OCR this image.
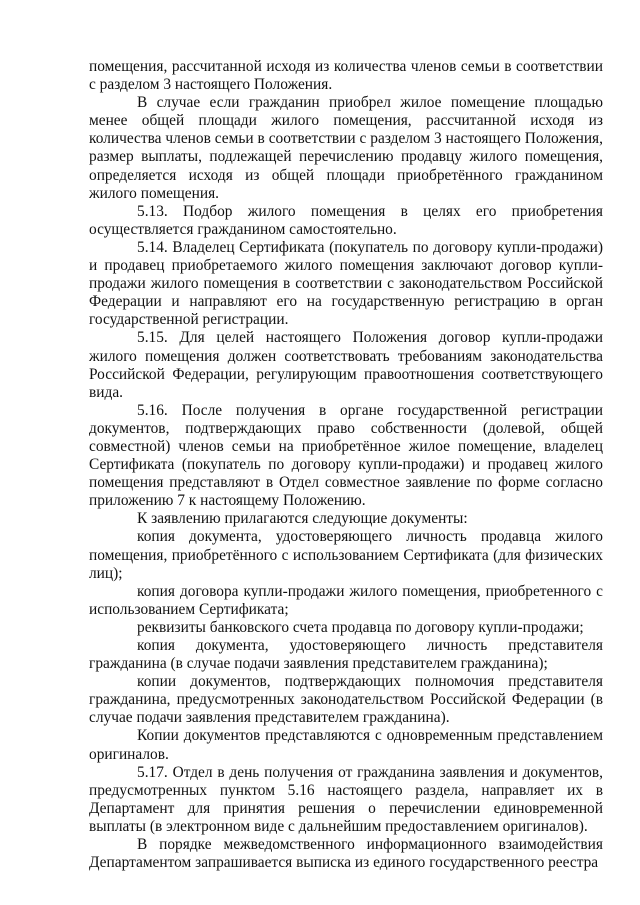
помещения, рассчитанной исходя из количества членов семьи в соответствии с разделом 3 настоящего Положения.

В случае если гражданин приобрел жилое помещение площадью менее общей площади жилого помещения, рассчитанной исходя из количества членов семьи в соответствии с разделом 3 настоящего Положения, размер выплаты, подлежащей перечислению продавцу жилого помещения, определяется исходя из общей площади приобретённого гражданином жилого помещения.

5.13. Подбор жилого помещения в целях его приобретения осуществляется гражданином самостоятельно.

5.14. Владелец Сертификата (покупатель по договору купли-продажи) и продавец приобретаемого жилого помещения заключают договор купли-продажи жилого помещения в соответствии с законодательством Российской Федерации и направляют его на государственную регистрацию в орган государственной регистрации.

5.15. Для целей настоящего Положения договор купли-продажи жилого помещения должен соответствовать требованиям законодательства Российской Федерации, регулирующим правоотношения соответствующего вида.

5.16. После получения в органе государственной регистрации документов, подтверждающих право собственности (долевой, общей совместной) членов семьи на приобретённое жилое помещение, владелец Сертификата (покупатель по договору купли-продажи) и продавец жилого помещения представляют в Отдел совместное заявление по форме согласно приложению 7 к настоящему Положению.

К заявлению прилагаются следующие документы:

копия документа, удостоверяющего личность продавца жилого помещения, приобретённого с использованием Сертификата (для физических лиц);

копия договора купли-продажи жилого помещения, приобретенного с использованием Сертификата;

реквизиты банковского счета продавца по договору купли-продажи;

копия документа, удостоверяющего личность представителя гражданина (в случае подачи заявления представителем гражданина);

копии документов, подтверждающих полномочия представителя гражданина, предусмотренных законодательством Российской Федерации (в случае подачи заявления представителем гражданина).

Копии документов представляются с одновременным представлением оригиналов.

5.17. Отдел в день получения от гражданина заявления и документов, предусмотренных пунктом 5.16 настоящего раздела, направляет их в Департамент для принятия решения о перечислении единовременной выплаты (в электронном виде с дальнейшим предоставлением оригиналов).

В порядке межведомственного информационного взаимодействия Департаментом запрашивается выписка из единого государственного реестра
